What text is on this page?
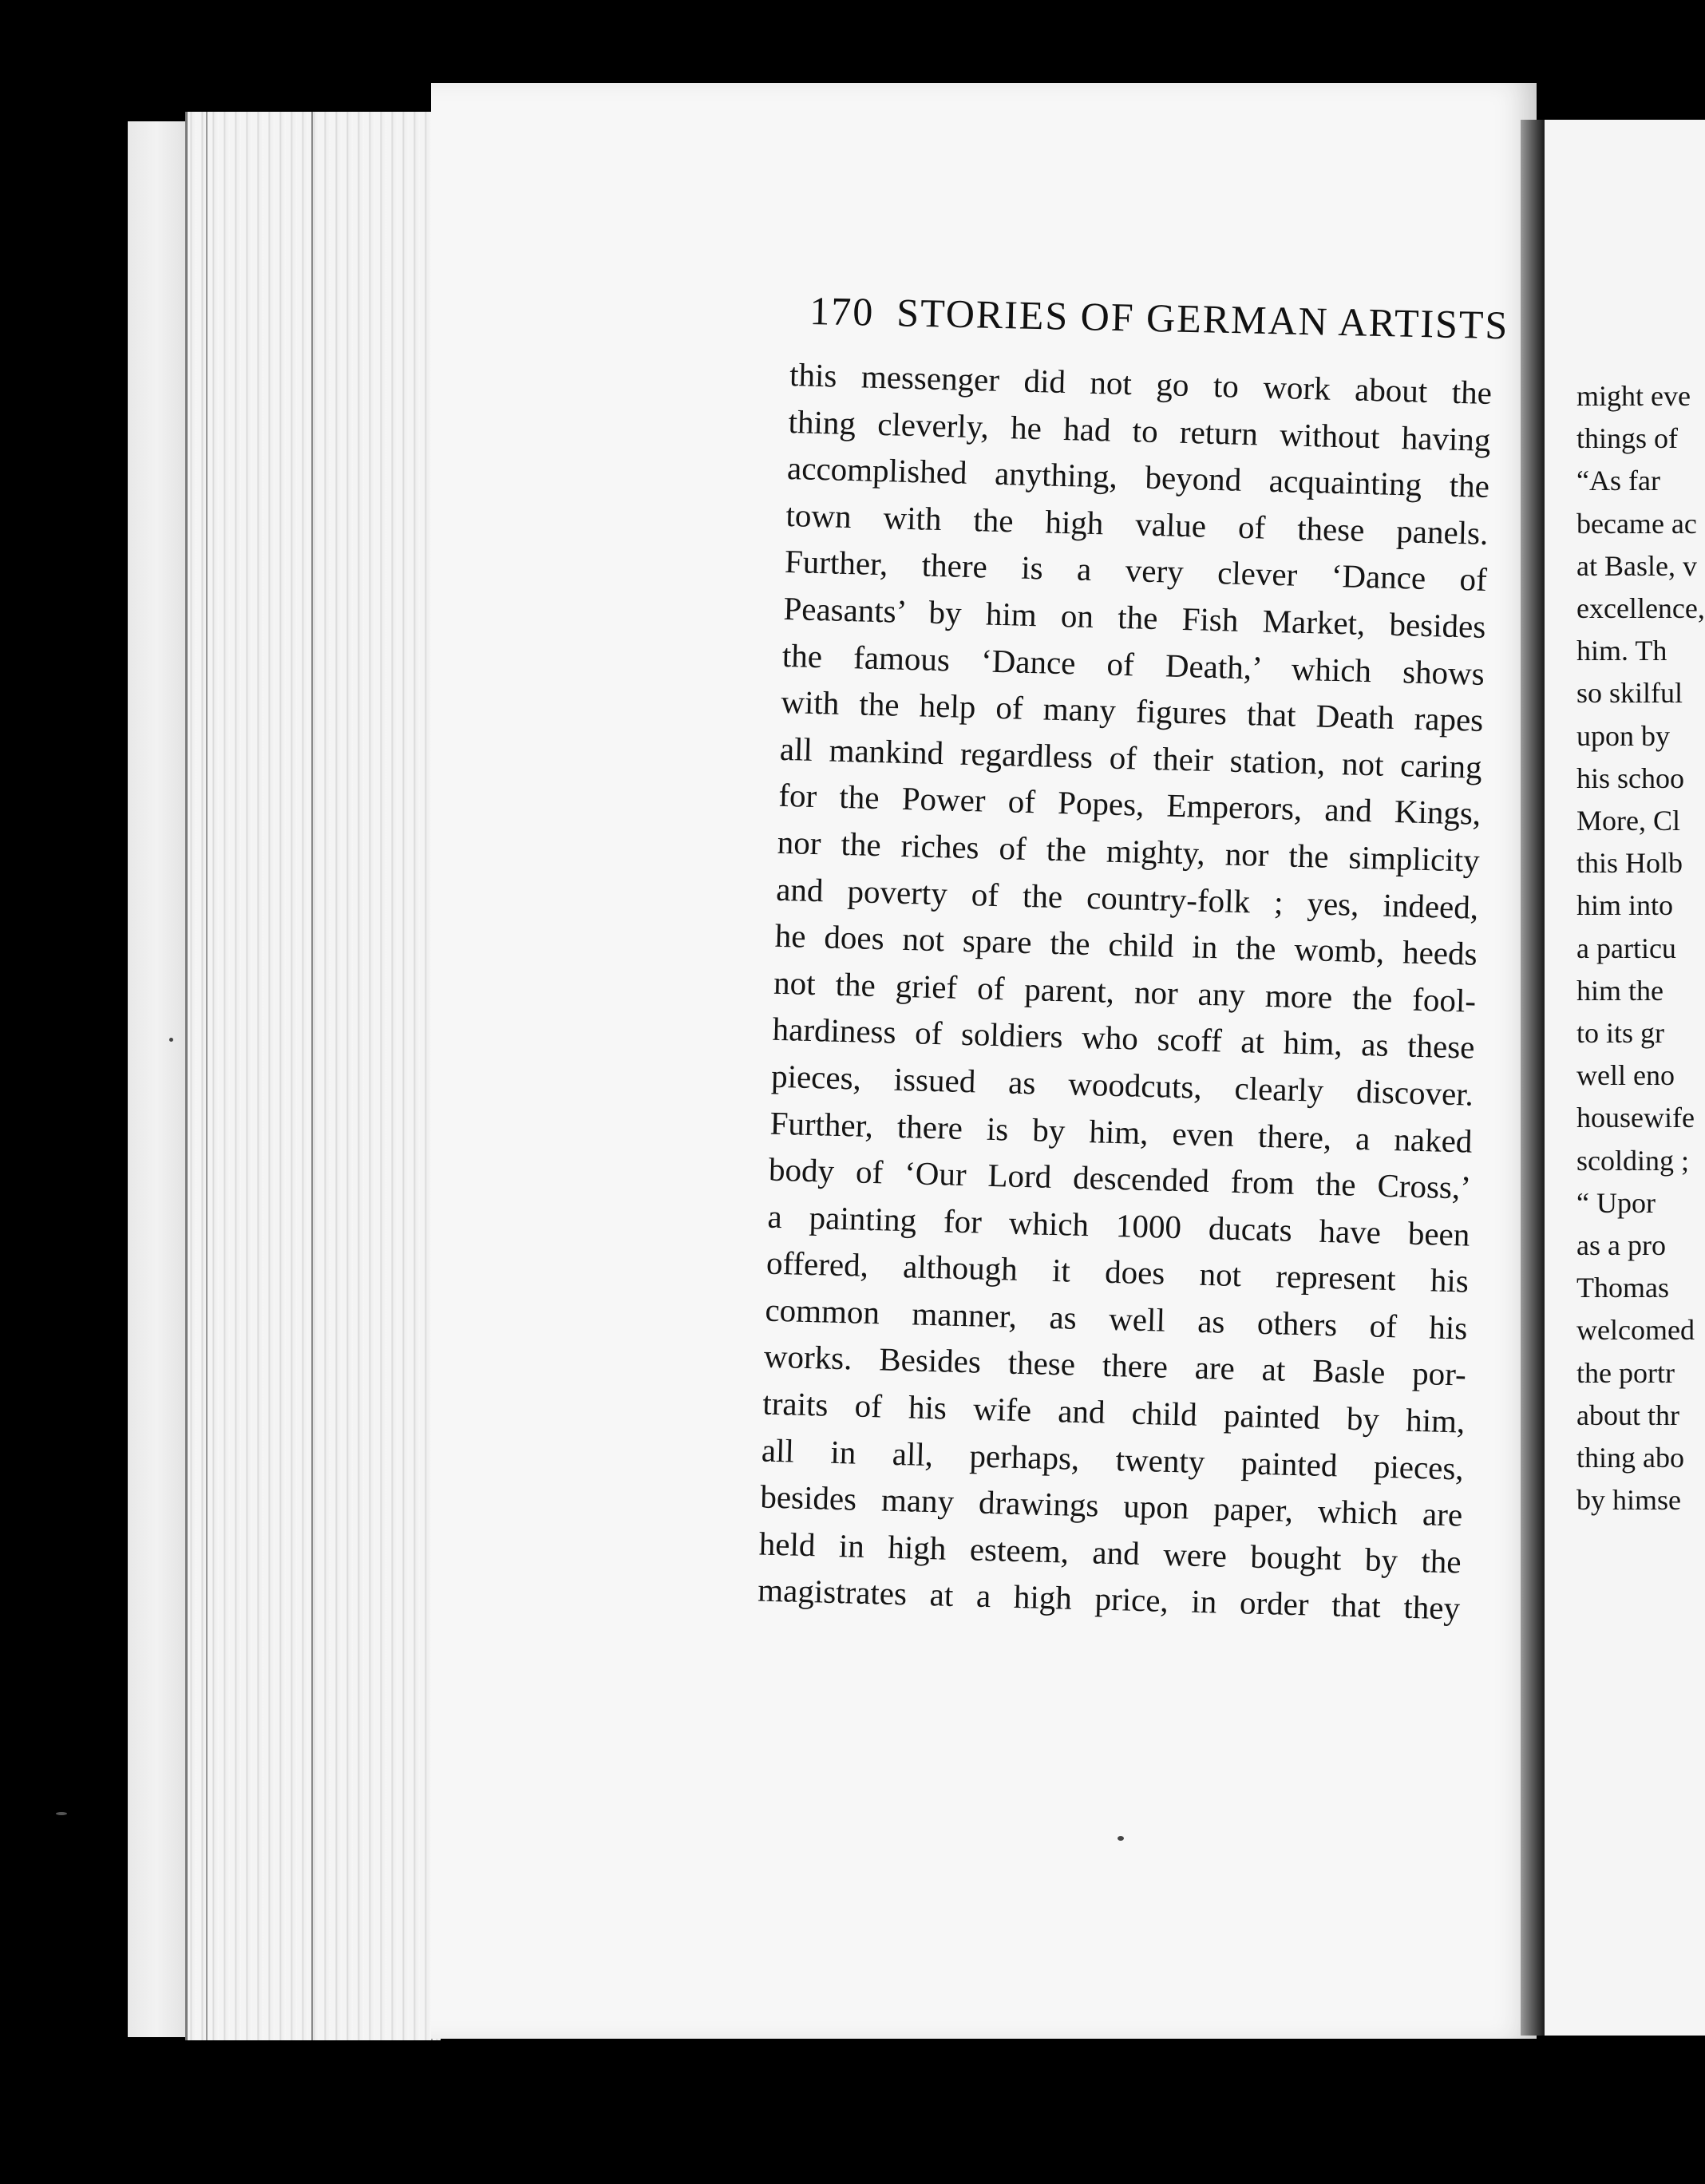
170 STORIES OF GERMAN ARTISTS
this messenger did not go to work about the
thing cleverly, he had to return without having
accomplished anything, beyond acquainting the
town with the high value of these panels.
Further, there is a very clever ‘Dance of
Peasants’ by him on the Fish Market, besides
the famous ‘Dance of Death,’ which shows
with the help of many figures that Death rapes
all mankind regardless of their station, not caring
for the Power of Popes, Emperors, and Kings,
nor the riches of the mighty, nor the simplicity
and poverty of the country-folk ; yes, indeed,
he does not spare the child in the womb, heeds
not the grief of parent, nor any more the fool-
hardiness of soldiers who scoff at him, as these
pieces, issued as woodcuts, clearly discover.
Further, there is by him, even there, a naked
body of ‘Our Lord descended from the Cross,’
a painting for which 1000 ducats have been
offered, although it does not represent his
common manner, as well as others of his
works. Besides these there are at Basle por-
traits of his wife and child painted by him,
all in all, perhaps, twenty painted pieces,
besides many drawings upon paper, which are
held in high esteem, and were bought by the
magistrates at a high price, in order that they
might eve
things of
“As far
became ac
at Basle, v
excellence,
him. Th
so skilful
upon by
his schoo
More, Cl
this Holb
him into
a particu
him the
to its gr
well eno
housewife
scolding ;
“ Upor
as a pro
Thomas
welcomed
the portr
about thr
thing abo
by himse
